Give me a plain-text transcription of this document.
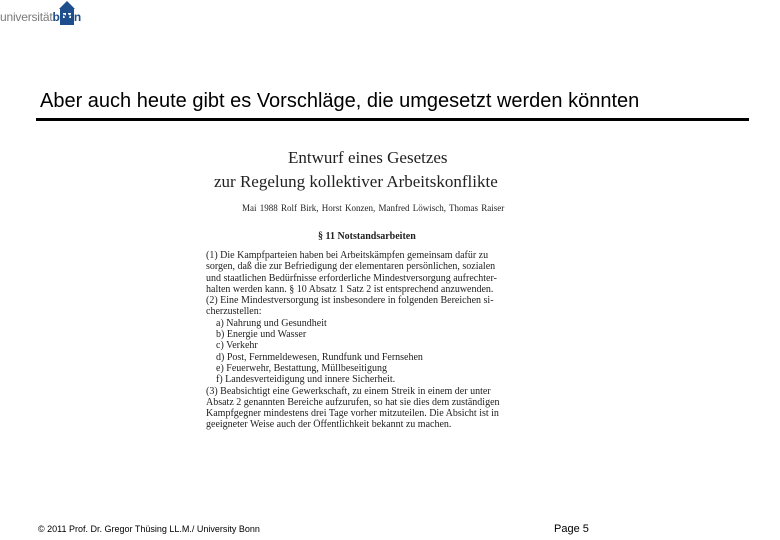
universitätbonn
Aber auch heute gibt es Vorschläge, die umgesetzt werden könnten
Entwurf eines Gesetzes
zur Regelung kollektiver Arbeitskonflikte
Mai 1988 Rolf Birk, Horst Konzen, Manfred Löwisch, Thomas Raiser
§ 11 Notstandsarbeiten
(1) Die Kampfparteien haben bei Arbeitskämpfen gemeinsam dafür zu
sorgen, daß die zur Befriedigung der elementaren persönlichen, sozialen
und staatlichen Bedürfnisse erforderliche Mindestversorgung aufrechter-
halten werden kann. § 10 Absatz 1 Satz 2 ist entsprechend anzuwenden.
(2) Eine Mindestversorgung ist insbesondere in folgenden Bereichen si-
cherzustellen:
a) Nahrung und Gesundheit
b) Energie und Wasser
c) Verkehr
d) Post, Fernmeldewesen, Rundfunk und Fernsehen
e) Feuerwehr, Bestattung, Müllbeseitigung
f) Landesverteidigung und innere Sicherheit.
(3) Beabsichtigt eine Gewerkschaft, zu einem Streik in einem der unter
Absatz 2 genannten Bereiche aufzurufen, so hat sie dies dem zuständigen
Kampfgegner mindestens drei Tage vorher mitzuteilen. Die Absicht ist in
geeigneter Weise auch der Öffentlichkeit bekannt zu machen.
© 2011 Prof. Dr. Gregor Thüsing LL.M./ University Bonn	Page 5
